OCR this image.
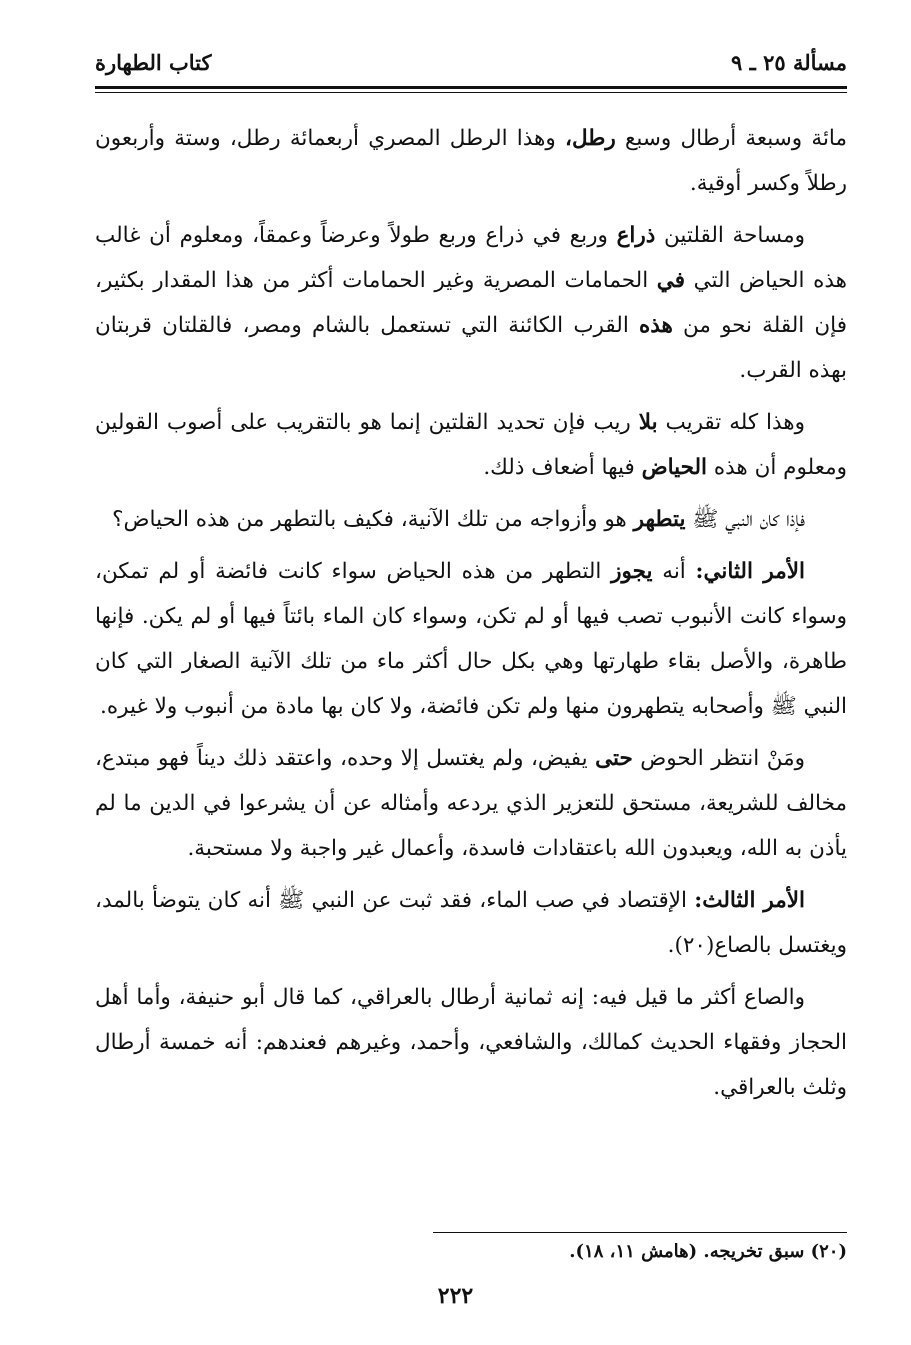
مسألة ٢٥ ـ ٩
كتاب الطهارة

مائة وسبعة أرطال وسبع رطل، وهذا الرطل المصري أربعمائة رطل، وستة وأربعون رطلاً وكسر أوقية.

ومساحة القلتين ذراع وربع في ذراع وربع طولاً وعرضاً وعمقاً، ومعلوم أن غالب هذه الحياض التي في الحمامات المصرية وغير الحمامات أكثر من هذا المقدار بكثير، فإن القلة نحو من هذه القرب الكائنة التي تستعمل بالشام ومصر، فالقلتان قربتان بهذه القرب.

وهذا كله تقريب بلا ريب فإن تحديد القلتين إنما هو بالتقريب على أصوب القولين ومعلوم أن هذه الحياض فيها أضعاف ذلك.

فإذا كان النبي ﷺ يتطهر هو وأزواجه من تلك الآنية، فكيف بالتطهر من هذه الحياض؟

الأمر الثاني: أنه يجوز التطهر من هذه الحياض سواء كانت فائضة أو لم تمكن، وسواء كانت الأنبوب تصب فيها أو لم تكن، وسواء كان الماء بائتاً فيها أو لم يكن. فإنها طاهرة، والأصل بقاء طهارتها وهي بكل حال أكثر ماء من تلك الآنية الصغار التي كان النبي ﷺ وأصحابه يتطهرون منها ولم تكن فائضة، ولا كان بها مادة من أنبوب ولا غيره.

ومَنْ انتظر الحوض حتى يفيض، ولم يغتسل إلا وحده، واعتقد ذلك ديناً فهو مبتدع، مخالف للشريعة، مستحق للتعزير الذي يردعه وأمثاله عن أن يشرعوا في الدين ما لم يأذن به الله، ويعبدون الله باعتقادات فاسدة، وأعمال غير واجبة ولا مستحبة.

الأمر الثالث: الإقتصاد في صب الماء، فقد ثبت عن النبي ﷺ أنه كان يتوضأ بالمد، ويغتسل بالصاع(٢٠).

والصاع أكثر ما قيل فيه: إنه ثمانية أرطال بالعراقي، كما قال أبو حنيفة، وأما أهل الحجاز وفقهاء الحديث كمالك، والشافعي، وأحمد، وغيرهم فعندهم: أنه خمسة أرطال وثلث بالعراقي.

(٢٠) سبق تخريجه. (هامش ١١، ١٨).
٢٢٢
